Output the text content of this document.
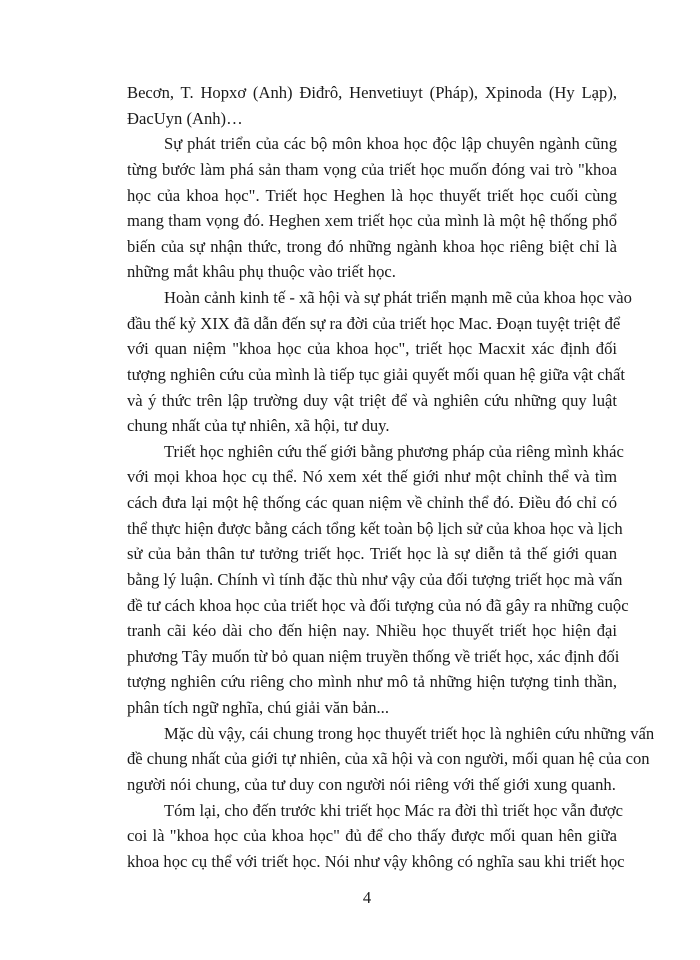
Becơn, T. Hopxơ (Anh) Điđrô, Henvetiuyt (Pháp), Xpinoda (Hy Lạp),
ĐacUyn (Anh)…
Sự phát triển của các bộ môn khoa học độc lập chuyên ngành cũng
từng bước làm phá sản tham vọng của triết học muốn đóng vai trò "khoa
học của khoa học". Triết học Heghen là học thuyết triết học cuối cùng
mang tham vọng đó. Heghen xem triết học của mình là một hệ thống phổ
biến của sự nhận thức, trong đó những ngành khoa học riêng biệt chỉ là
những mắt khâu phụ thuộc vào triết học.
Hoàn cảnh kinh tế - xã hội và sự phát triển mạnh mẽ của khoa học vào
đầu thế kỷ XIX đã dẫn đến sự ra đời của triết học Mac. Đoạn tuyệt triệt để
với quan niệm "khoa học của khoa học", triết học Macxit xác định đối
tượng nghiên cứu của mình là tiếp tục giải quyết mối quan hệ giữa vật chất
và ý thức trên lập trường duy vật triệt để và nghiên cứu những quy luật
chung nhất của tự nhiên, xã hội, tư duy.
Triết học nghiên cứu thế giới bằng phương pháp của riêng mình khác
với mọi khoa học cụ thể. Nó xem xét thế giới như một chỉnh thể và tìm
cách đưa lại một hệ thống các quan niệm về chỉnh thể đó. Điều đó chỉ có
thể thực hiện được bằng cách tổng kết toàn bộ lịch sử của khoa học và lịch
sử của bản thân tư tưởng triết học. Triết học là sự diễn tả thế giới quan
bằng lý luận. Chính vì tính đặc thù như vậy của đối tượng triết học mà vấn
đề tư cách khoa học của triết học và đối tượng của nó đã gây ra những cuộc
tranh cãi kéo dài cho đến hiện nay. Nhiều học thuyết triết học hiện đại
phương Tây muốn từ bỏ quan niệm truyền thống về triết học, xác định đối
tượng nghiên cứu riêng cho mình như mô tả những hiện tượng tinh thần,
phân tích ngữ nghĩa, chú giải văn bản...
Mặc dù vậy, cái chung trong học thuyết triết học là nghiên cứu những vấn
đề chung nhất của giới tự nhiên, của xã hội và con người, mối quan hệ của con
người nói chung, của tư duy con người nói riêng với thế giới xung quanh.
Tóm lại, cho đến trước khi triết học Mác ra đời thì triết học vẫn được
coi là "khoa học của khoa học" đủ để cho thấy được mối quan hên giữa
khoa học cụ thể với triết học. Nói như vậy không có nghĩa sau khi triết học
4
